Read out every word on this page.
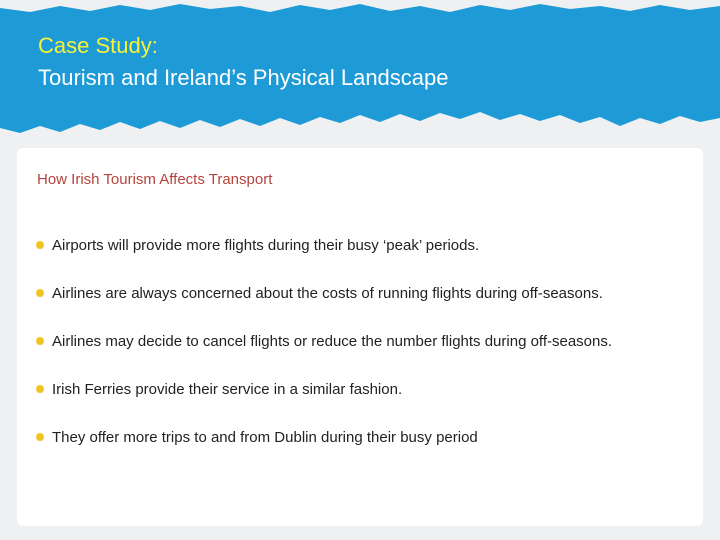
Case Study:
Tourism and Ireland’s Physical Landscape
How Irish Tourism Affects Transport
Airports will provide more flights during their busy ‘peak’ periods.
Airlines are always concerned about the costs of running flights during off-seasons.
Airlines may decide to cancel flights or reduce the number flights during off-seasons.
Irish Ferries provide their service in a similar fashion.
They offer more trips to and from Dublin during their busy period
